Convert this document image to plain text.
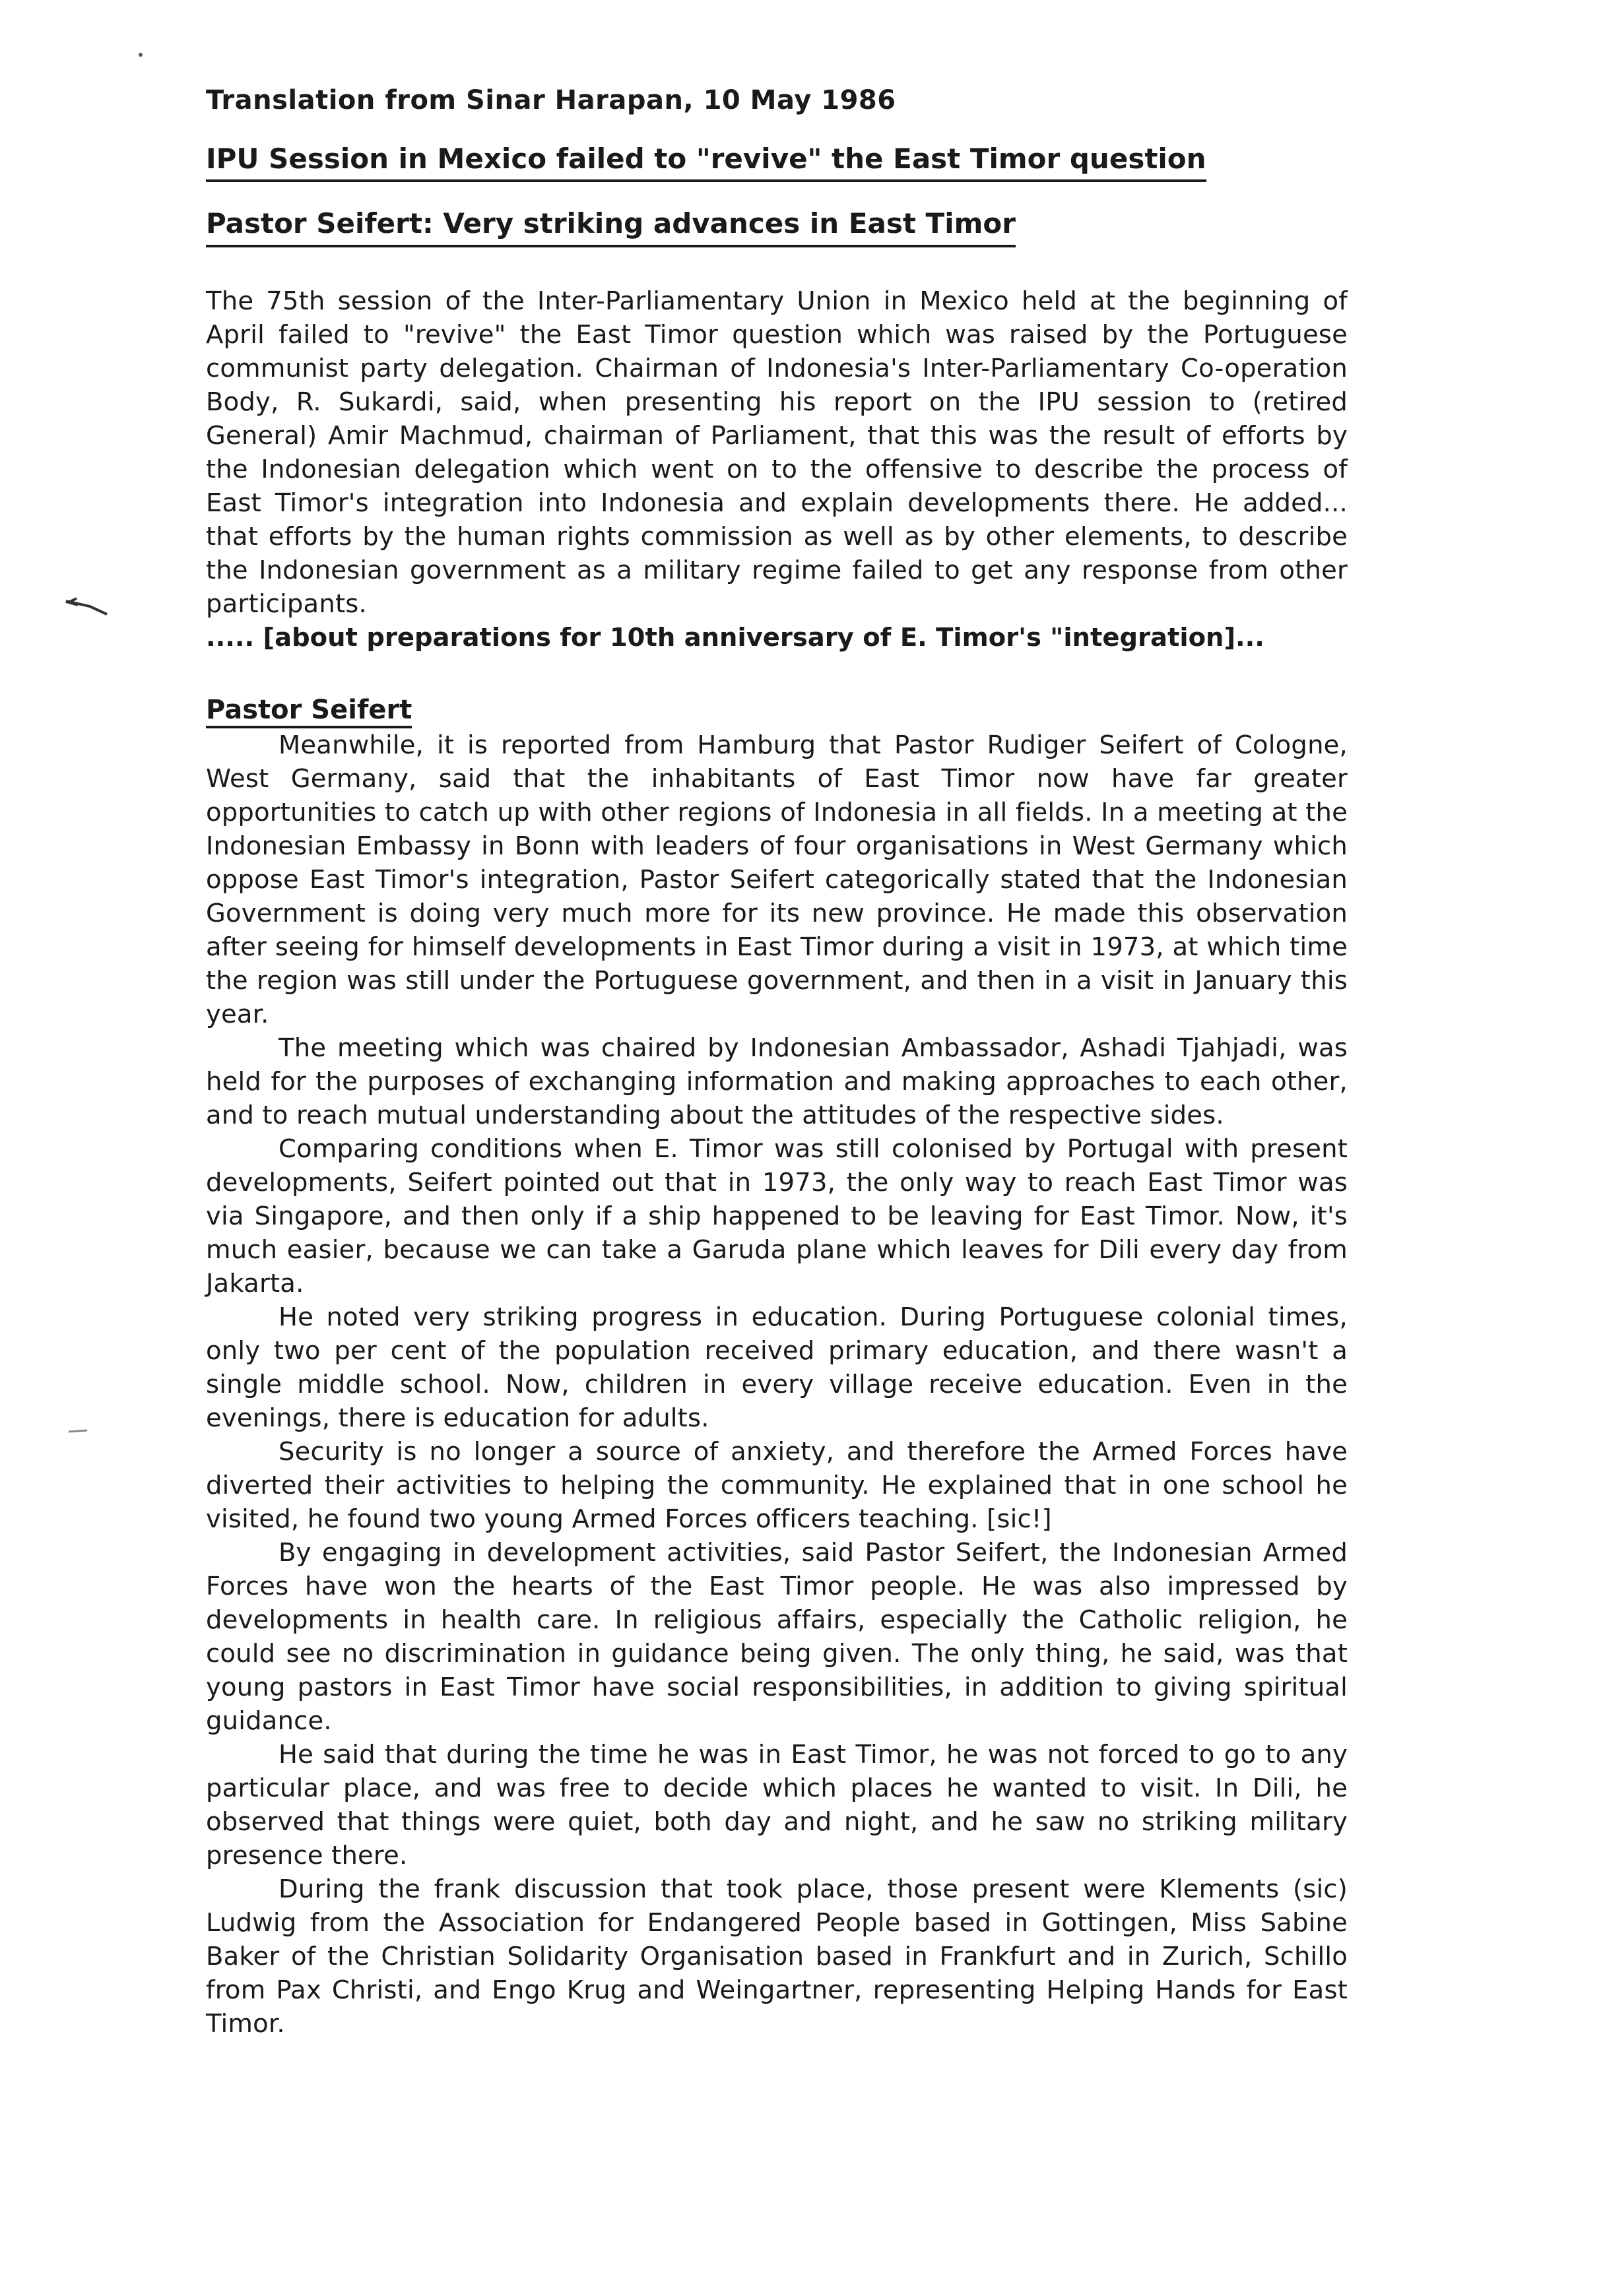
Translation from Sinar Harapan, 10 May 1986

IPU Session in Mexico failed to "revive" the East Timor question
Pastor Seifert: Very striking advances in East Timor

The 75th session of the Inter-Parliamentary Union in Mexico held at the beginning of April failed to "revive" the East Timor question which was raised by the Portuguese communist party delegation. Chairman of Indonesia's Inter-Parliamentary Co-operation Body, R. Sukardi, said, when presenting his report on the IPU session to (retired General) Amir Machmud, chairman of Parliament, that this was the result of efforts by the Indonesian delegation which went on to the offensive to describe the process of East Timor's integration into Indonesia and explain developments there. He added... that efforts by the human rights commission as well as by other elements, to describe the Indonesian government as a military regime failed to get any response from other participants.

..... [about preparations for 10th anniversary of E. Timor's "integration]...

Pastor Seifert

Meanwhile, it is reported from Hamburg that Pastor Rudiger Seifert of Cologne, West Germany, said that the inhabitants of East Timor now have far greater opportunities to catch up with other regions of Indonesia in all fields. In a meeting at the Indonesian Embassy in Bonn with leaders of four organisations in West Germany which oppose East Timor's integration, Pastor Seifert categorically stated that the Indonesian Government is doing very much more for its new province. He made this observation after seeing for himself developments in East Timor during a visit in 1973, at which time the region was still under the Portuguese government, and then in a visit in January this year.

The meeting which was chaired by Indonesian Ambassador, Ashadi Tjahjadi, was held for the purposes of exchanging information and making approaches to each other, and to reach mutual understanding about the attitudes of the respective sides.

Comparing conditions when E. Timor was still colonised by Portugal with present developments, Seifert pointed out that in 1973, the only way to reach East Timor was via Singapore, and then only if a ship happened to be leaving for East Timor. Now, it's much easier, because we can take a Garuda plane which leaves for Dili every day from Jakarta.

He noted very striking progress in education. During Portuguese colonial times, only two per cent of the population received primary education, and there wasn't a single middle school. Now, children in every village receive education. Even in the evenings, there is education for adults.

Security is no longer a source of anxiety, and therefore the Armed Forces have diverted their activities to helping the community. He explained that in one school he visited, he found two young Armed Forces officers teaching. [sic!]

By engaging in development activities, said Pastor Seifert, the Indonesian Armed Forces have won the hearts of the East Timor people. He was also impressed by developments in health care. In religious affairs, especially the Catholic religion, he could see no discrimination in guidance being given. The only thing, he said, was that young pastors in East Timor have social responsibilities, in addition to giving spiritual guidance.

He said that during the time he was in East Timor, he was not forced to go to any particular place, and was free to decide which places he wanted to visit. In Dili, he observed that things were quiet, both day and night, and he saw no striking military presence there.

During the frank discussion that took place, those present were Klements (sic) Ludwig from the Association for Endangered People based in Gottingen, Miss Sabine Baker of the Christian Solidarity Organisation based in Frankfurt and in Zurich, Schillo from Pax Christi, and Engo Krug and Weingartner, representing Helping Hands for East Timor.
